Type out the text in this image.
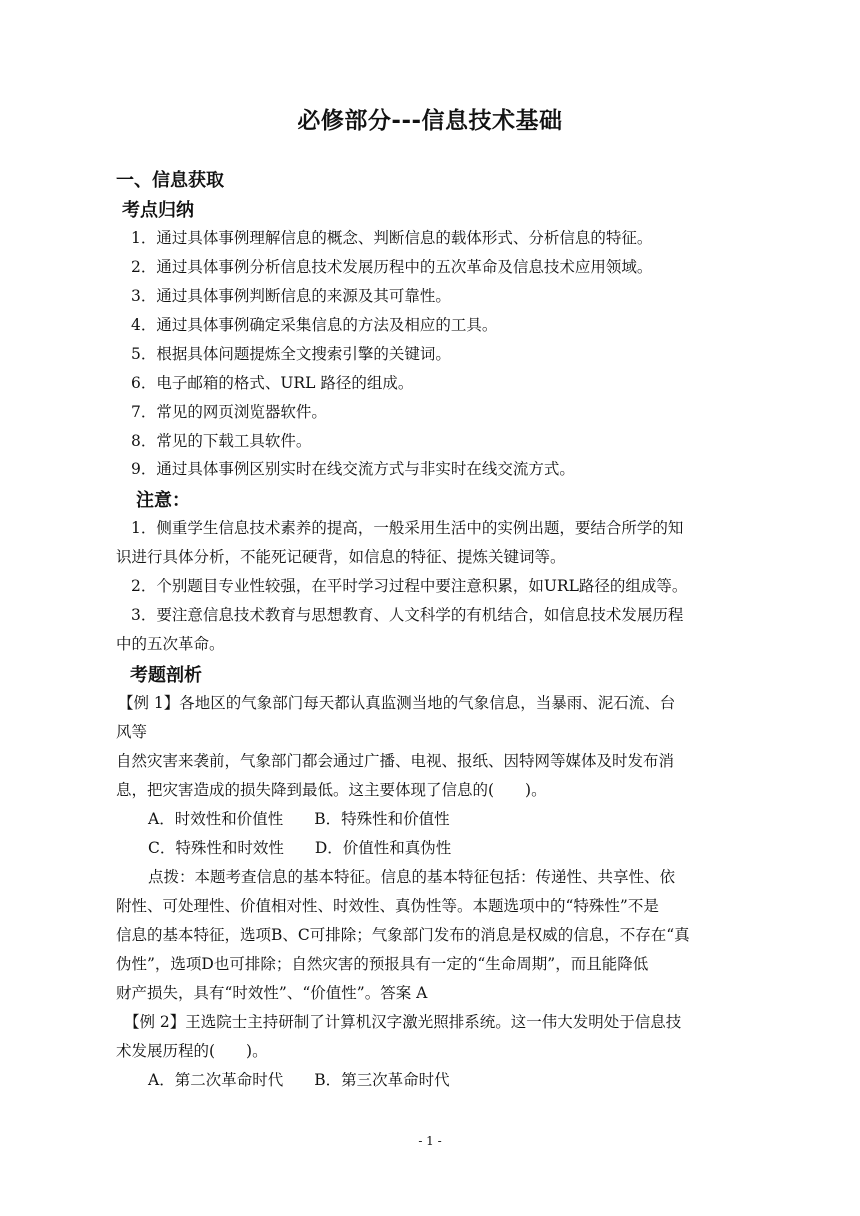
必修部分---信息技术基础
一、信息获取
考点归纳
1．通过具体事例理解信息的概念、判断信息的载体形式、分析信息的特征。
2．通过具体事例分析信息技术发展历程中的五次革命及信息技术应用领域。
3．通过具体事例判断信息的来源及其可靠性。
4．通过具体事例确定采集信息的方法及相应的工具。
5．根据具体问题提炼全文搜索引擎的关键词。
6．电子邮箱的格式、URL 路径的组成。
7．常见的网页浏览器软件。
8．常见的下载工具软件。
9．通过具体事例区别实时在线交流方式与非实时在线交流方式。
注意：
1．侧重学生信息技术素养的提高，一般采用生活中的实例出题，要结合所学的知
识进行具体分析，不能死记硬背，如信息的特征、提炼关键词等。
2．个别题目专业性较强，在平时学习过程中要注意积累，如URL路径的组成等。
3．要注意信息技术教育与思想教育、人文科学的有机结合，如信息技术发展历程
中的五次革命。
考题剖析
【例 1】各地区的气象部门每天都认真监测当地的气象信息，当暴雨、泥石流、台
风等
自然灾害来袭前，气象部门都会通过广播、电视、报纸、因特网等媒体及时发布消
息，把灾害造成的损失降到最低。这主要体现了信息的(　　)。
A．时效性和价值性　　B．特殊性和价值性
C．特殊性和时效性　　D．价值性和真伪性
点拨：本题考查信息的基本特征。信息的基本特征包括：传递性、共享性、依
附性、可处理性、价值相对性、时效性、真伪性等。本题选项中的“特殊性”不是
信息的基本特征，选项B、C可排除；气象部门发布的消息是权威的信息，不存在“真
伪性”，选项D也可排除；自然灾害的预报具有一定的“生命周期”，而且能降低
财产损失，具有“时效性”、“价值性”。答案 A
【例 2】王选院士主持研制了计算机汉字激光照排系统。这一伟大发明处于信息技
术发展历程的(　　)。
A．第二次革命时代　　B．第三次革命时代
- 1 -
